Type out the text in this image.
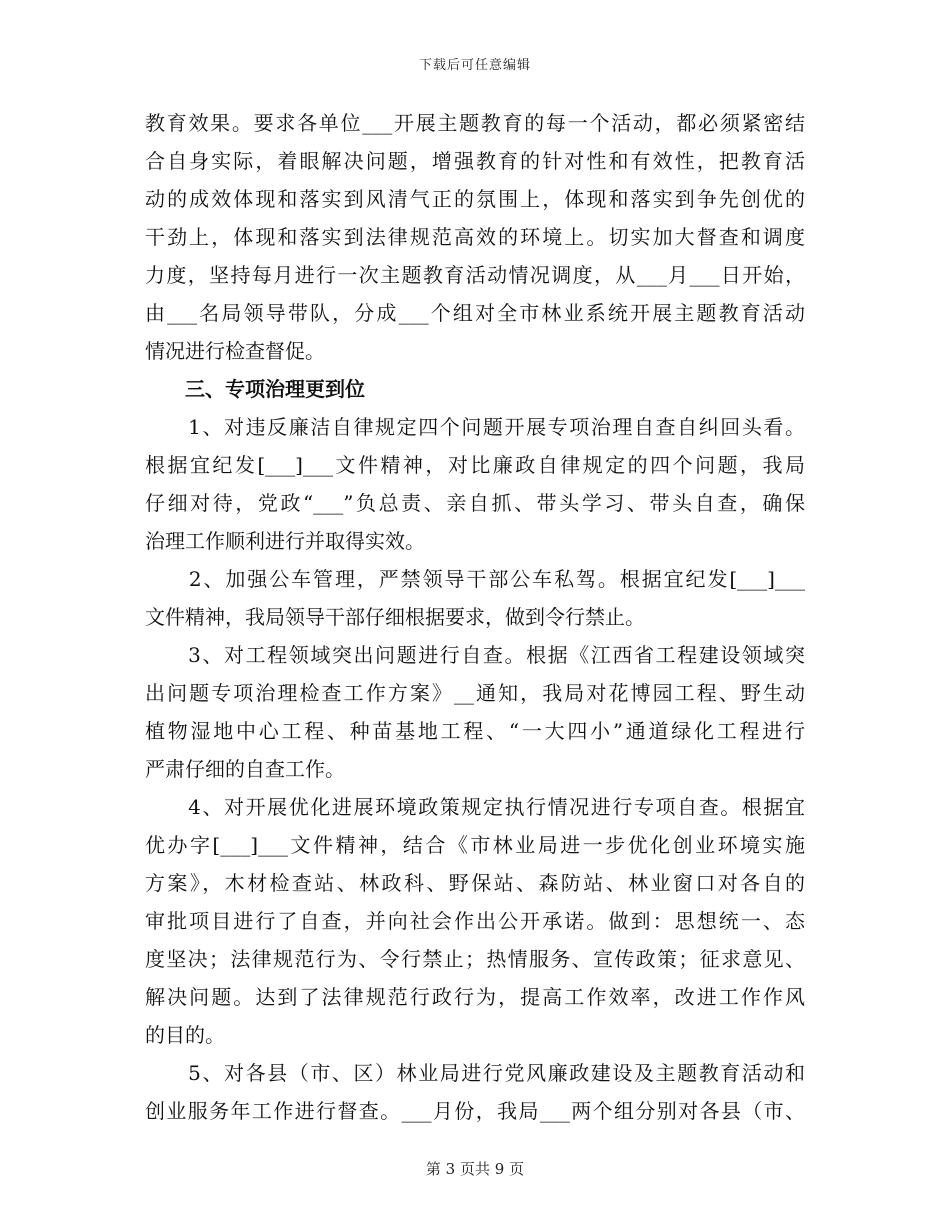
下载后可任意编辑
教育效果。要求各单位___开展主题教育的每一个活动，都必须紧密结
合自身实际，着眼解决问题，增强教育的针对性和有效性，把教育活
动的成效体现和落实到风清气正的氛围上，体现和落实到争先创优的
干劲上，体现和落实到法律规范高效的环境上。切实加大督查和调度
力度，坚持每月进行一次主题教育活动情况调度，从___月___日开始，
由___名局领导带队，分成___个组对全市林业系统开展主题教育活动
情况进行检查督促。
三、专项治理更到位
　　1、对违反廉洁自律规定四个问题开展专项治理自查自纠回头看。
根据宜纪发[___]___文件精神，对比廉政自律规定的四个问题，我局
仔细对待，党政“___”负总责、亲自抓、带头学习、带头自查，确保
治理工作顺利进行并取得实效。
　　2、加强公车管理，严禁领导干部公车私驾。根据宜纪发[___]___
文件精神，我局领导干部仔细根据要求，做到令行禁止。
　　3、对工程领域突出问题进行自查。根据《江西省工程建设领域突
出问题专项治理检查工作方案》__通知，我局对花博园工程、野生动
植物湿地中心工程、种苗基地工程、“一大四小”通道绿化工程进行
严肃仔细的自查工作。
　　4、对开展优化进展环境政策规定执行情况进行专项自查。根据宜
优办字[___]___文件精神，结合《市林业局进一步优化创业环境实施
方案》，木材检查站、林政科、野保站、森防站、林业窗口对各自的
审批项目进行了自查，并向社会作出公开承诺。做到：思想统一、态
度坚决；法律规范行为、令行禁止；热情服务、宣传政策；征求意见、
解决问题。达到了法律规范行政行为，提高工作效率，改进工作作风
的目的。
　　5、对各县（市、区）林业局进行党风廉政建设及主题教育活动和
创业服务年工作进行督查。___月份，我局___两个组分别对各县（市、
第 3 页共 9 页
